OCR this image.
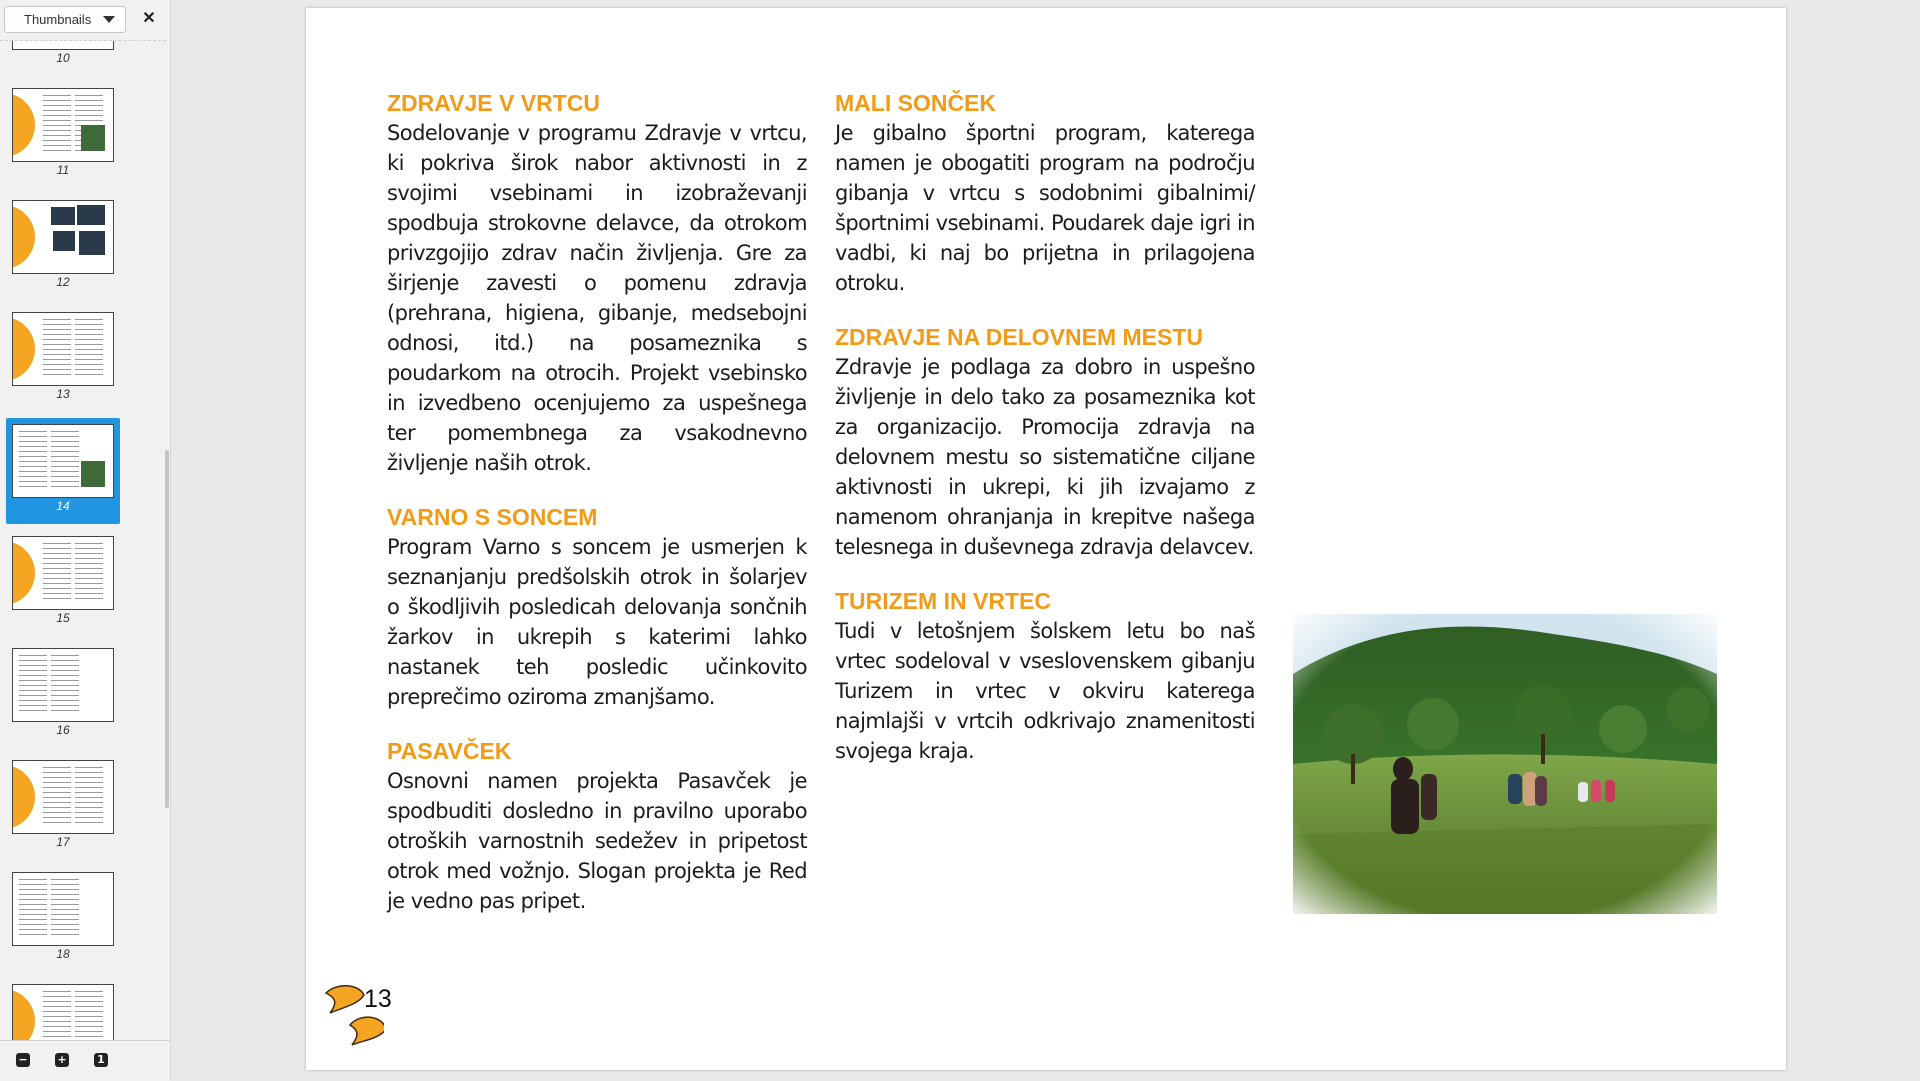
Thumbnails	✕
10
11
12
13
14
15
16
17
18
−	+	1
ZDRAVJE V VRTCU

Sodelovanje v programu Zdravje v vrtcu, ki pokriva širok nabor aktivnosti in z svojimi vsebinami in izobraževanji spodbuja strokovne delavce, da otrokom privzgojijo zdrav način življenja. Gre za širjenje zavesti o pomenu zdravja (prehrana, higiena, gibanje, medsebojni odnosi, itd.) na posameznika s poudarkom na otrocih. Projekt vsebinsko in izvedbeno ocenjujemo za uspešnega ter pomembnega za vsakodnevno življenje naših otrok.

VARNO S SONCEM

Program Varno s soncem je usmerjen k seznanjanju predšolskih otrok in šolarjev o škodljivih posledicah delovanja sončnih žarkov in ukrepih s katerimi lahko nastanek teh posledic učinkovito preprečimo oziroma zmanjšamo.

PASAVČEK

Osnovni namen projekta Pasavček je spodbuditi dosledno in pravilno uporabo otroških varnostnih sedežev in pripetost otrok med vožnjo. Slogan projekta je Red je vedno pas pripet.

MALI SONČEK

Je gibalno športni program, katerega namen je obogatiti program na področju gibanja v vrtcu s sodobnimi gibalnimi/ športnimi vsebinami. Poudarek daje igri in vadbi, ki naj bo prijetna in prilagojena otroku.

ZDRAVJE NA DELOVNEM MESTU

Zdravje je podlaga za dobro in uspešno življenje in delo tako za posameznika kot za organizacijo. Promocija zdravja na delovnem mestu so sistematične ciljane aktivnosti in ukrepi, ki jih izvajamo z namenom ohranjanja in krepitve našega telesnega in duševnega zdravja delavcev.

TURIZEM IN VRTEC

Tudi v letošnjem šolskem letu bo naš vrtec sodeloval v vseslovenskem gibanju Turizem in vrtec v okviru katerega najmlajši v vrtcih odkrivajo znamenitosti svojega kraja.

13
